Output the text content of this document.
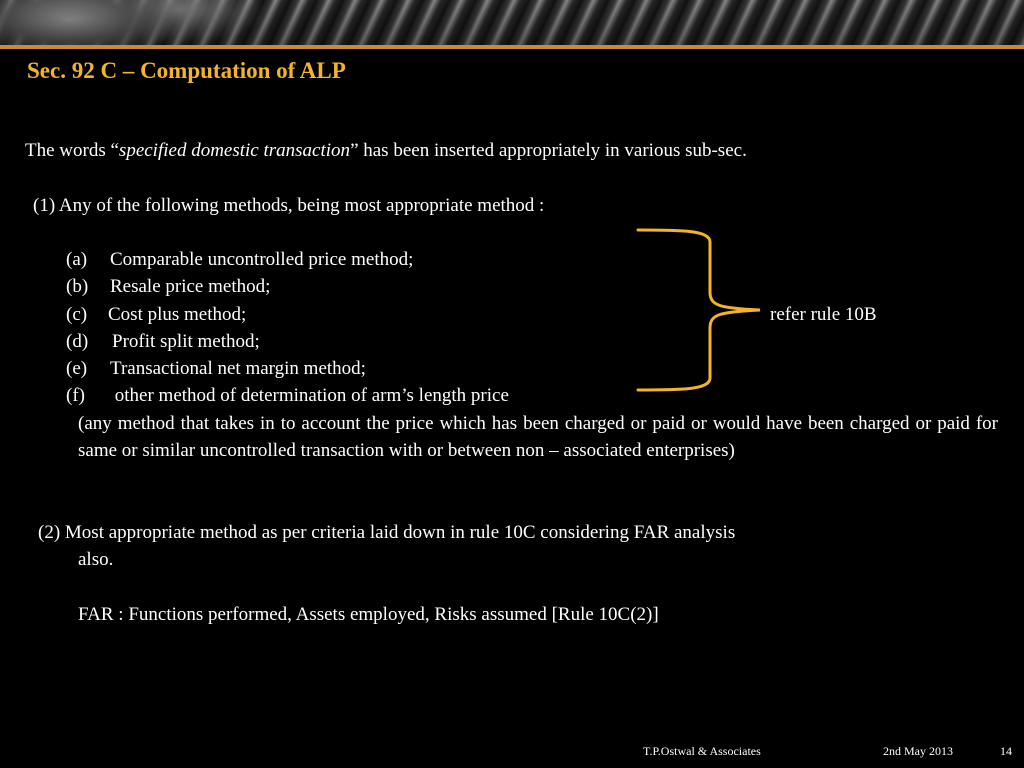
Sec. 92 C – Computation of ALP
The words “specified domestic transaction” has been inserted appropriately in various sub-sec.
(1) Any of the following methods, being most appropriate method :
(a) Comparable uncontrolled price method;
(b) Resale price method;
(c) Cost plus method;
(d) Profit split method;
(e) Transactional net margin method;
(f) other method of determination of arm’s length price
refer rule 10B
(any method that takes in to account the price which has been charged or paid or would have been charged or paid for same or similar uncontrolled transaction with or between non – associated enterprises)
(2) Most appropriate method as per criteria laid down in rule 10C considering FAR analysis
also.
FAR : Functions performed, Assets employed, Risks assumed [Rule 10C(2)]
T.P.Ostwal & Associates	2nd May 2013	14
